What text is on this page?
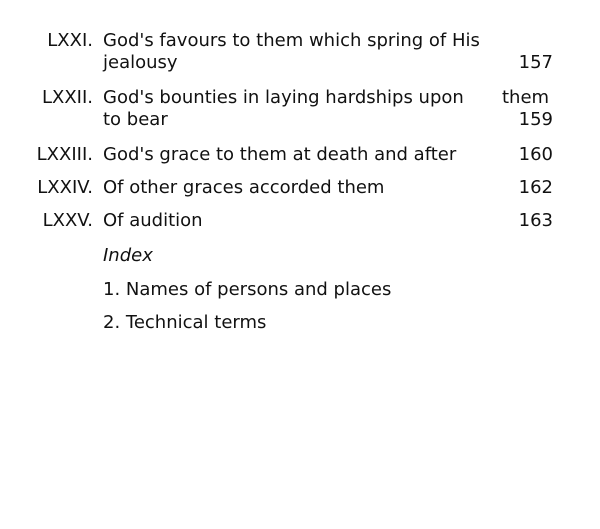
LXXI. God's favours to them which spring of His
jealousy	157
LXXII. God's bounties in laying hardships upon them
to bear	159
LXXIII. God's grace to them at death and after	160
LXXIV. Of other graces accorded them	162
LXXV. Of audition	163
Index
1. Names of persons and places
2. Technical terms
